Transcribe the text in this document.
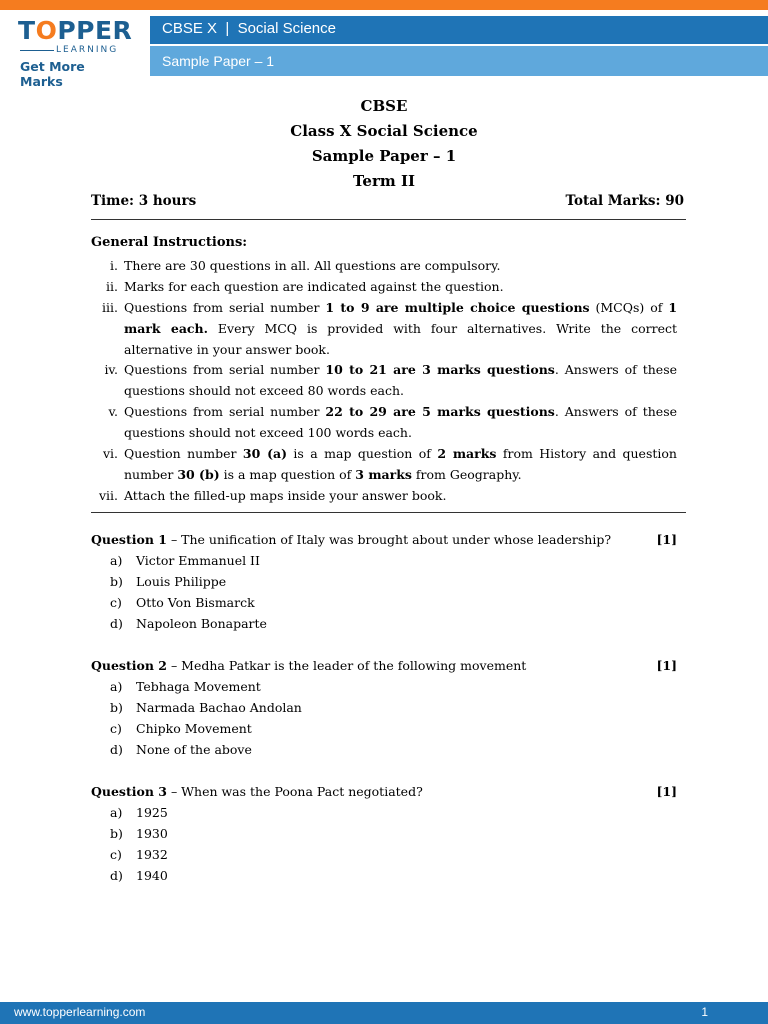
TOPPER
LEARNING
Get More Marks
CBSE X  |  Social Science
Sample Paper – 1
CBSE
Class X Social Science
Sample Paper – 1
Term II
Time: 3 hours	Total Marks: 90
General Instructions:
i. There are 30 questions in all. All questions are compulsory.
ii. Marks for each question are indicated against the question.
iii. Questions from serial number 1 to 9 are multiple choice questions (MCQs) of 1 mark each. Every MCQ is provided with four alternatives. Write the correct alternative in your answer book.
iv. Questions from serial number 10 to 21 are 3 marks questions. Answers of these questions should not exceed 80 words each.
v. Questions from serial number 22 to 29 are 5 marks questions. Answers of these questions should not exceed 100 words each.
vi. Question number 30 (a) is a map question of 2 marks from History and question number 30 (b) is a map question of 3 marks from Geography.
vii. Attach the filled-up maps inside your answer book.
Question 1 – The unification of Italy was brought about under whose leadership?	[1]
a) Victor Emmanuel II
b) Louis Philippe
c) Otto Von Bismarck
d) Napoleon Bonaparte
Question 2 – Medha Patkar is the leader of the following movement	[1]
a) Tebhaga Movement
b) Narmada Bachao Andolan
c) Chipko Movement
d) None of the above
Question 3 – When was the Poona Pact negotiated?	[1]
a) 1925
b) 1930
c) 1932
d) 1940
www.topperlearning.com	1
